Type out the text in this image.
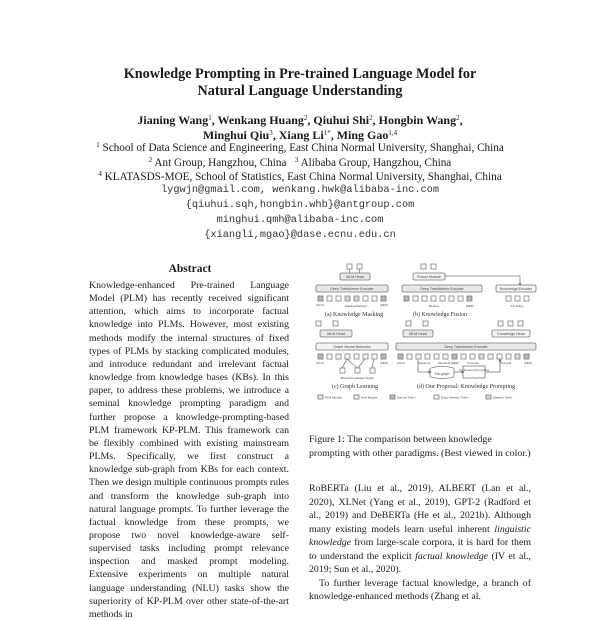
Knowledge Prompting in Pre-trained Language Model for
Natural Language Understanding
Jianing Wang$^1$, Wenkang Huang$^2$, Qiuhui Shi$^2$, Hongbin Wang$^2$,
Minghui Qiu$^3$, Xiang $Li^{1*}$, Ming Gao$^{1,4}$
$^1$ School of Data Science and Engineering, East China Normal University, Shanghai, China
$^2$ Ant Group, Hangzhou, China $^3$ Alibaba Group, Hangzhou, China
$^4$ KLATASDS-MOE, School of Statistics, East China Normal University, Shanghai, China
lygwjn@gmail.com, wenkang.hwk@alibaba-inc.com
{qiuhui.sqh,hongbin.whb}@antgroup.com
minghui.qmh@alibaba-inc.com
{xiangli,mgao}@dase.ecnu.edu.cn
Abstract

Knowledge-enhanced Pre-trained Language Model (PLM) has recently received significant attention, which aims to incorporate factual knowledge into PLMs. However, most existing methods modify the internal structures of fixed types of PLMs by stacking complicated modules, and introduce redundant and irrelevant factual knowledge from knowledge bases (KBs). In this paper, to address these problems, we introduce a seminal knowledge prompting paradigm and further propose a knowledge-prompting-based PLM framework KP-PLM. This framework can be flexibly combined with existing mainstream PLMs. Specifically, we first construct a knowledge sub-graph from KBs for each context. Then we design multiple continuous prompts rules and transform the knowledge sub-graph into natural language prompts. To further leverage the factual knowledge from these prompts, we propose two novel knowledge-aware self-supervised tasks including prompt relevance inspection and masked prompt modeling. Extensive experiments on multiple natural language understanding (NLU) tasks show the superiority of KP-PLM over other state-of-the-art methods in

MLM Head
Deep Transformer Encoder
[CLS]	[SEP]
Masked Mention
(a) Knowledge Masking
Fusion Module
Deep Transformer Encoder	Knowledge Encoder
Mention	[SEP]	KG Entity
(b) Knowledge Fusion
MLM Head
Graph Neural Networks
[CLS]	[SEP]
Mixed Knowledge Graph
(c) Graph Learning
MLM Head	Knowledge Head
Deep Transformer Encoder
[CLS]	Mention1	Mention2 [SEP]	Prompt1	Prompt2	[SEP]
Sub-graph
Continuous Prompting
(d) Our Proposal: Knowledge Prompting
PLM Module	New Module	Special Token	Entity Mention Token	Masked Token
Figure 1: The comparison between knowledge prompting with other paradigms. (Best viewed in color.)

RoBERTa (Liu et al., 2019), ALBERT (Lan et al., 2020), XLNet (Yang et al., 2019), GPT-2 (Radford et al., 2019) and DeBERTa (He et al., 2021b). Although many existing models learn useful inherent linguistic knowledge from large-scale corpora, it is hard for them to understand the explicit factual knowledge (IV et al., 2019; Sun et al., 2020).

To further leverage factual knowledge, a branch of knowledge-enhanced methods (Zhang et al.
